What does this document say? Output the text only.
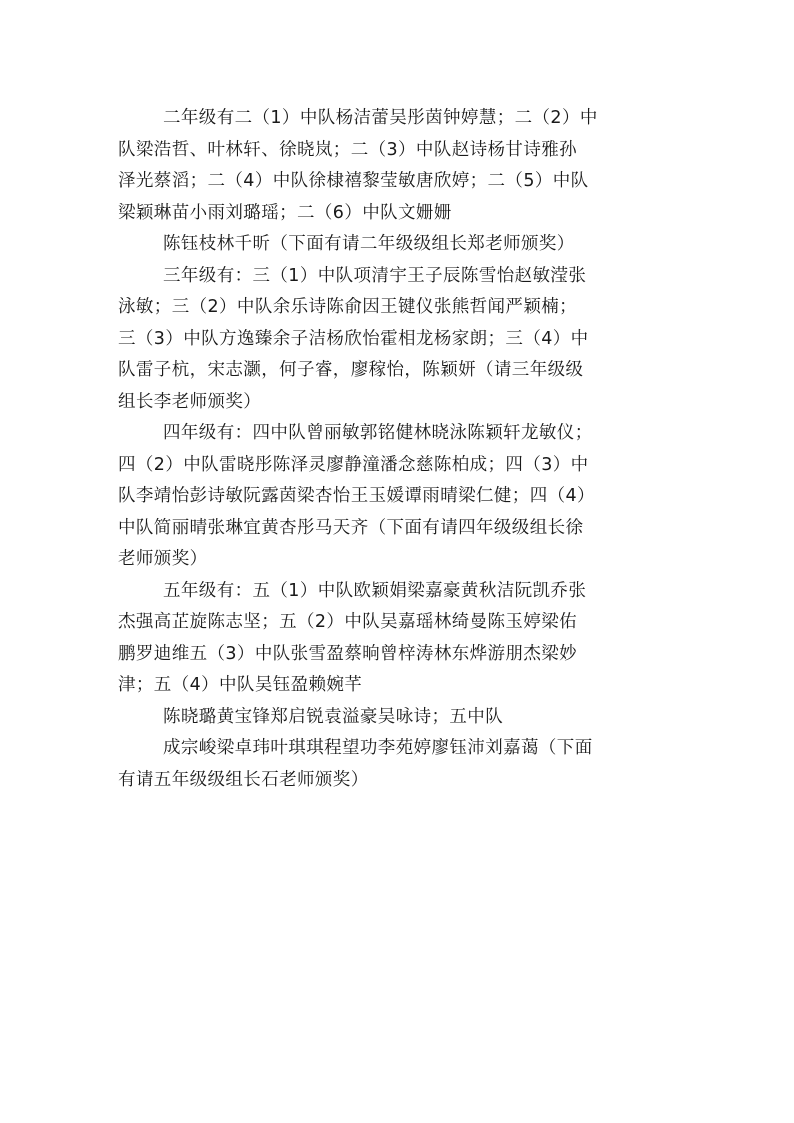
二年级有二（1）中队杨洁蕾吴彤茵钟婷慧；二（2）中
队梁浩哲、叶林轩、徐晓岚；二（3）中队赵诗杨甘诗雅孙
泽光蔡滔；二（4）中队徐棣禧黎莹敏唐欣婷；二（5）中队
梁颖琳苗小雨刘璐瑶；二（6）中队文姗姗
陈钰枝林千昕（下面有请二年级级组长郑老师颁奖）
三年级有：三（1）中队项清宇王子辰陈雪怡赵敏滢张
泳敏；三（2）中队余乐诗陈俞因王键仪张熊哲闻严颖楠；
三（3）中队方逸臻余子洁杨欣怡霍相龙杨家朗；三（4）中
队雷子杭，宋志灏，何子睿，廖稼怡，陈颖妍（请三年级级
组长李老师颁奖）
四年级有：四中队曾丽敏郭铭健林晓泳陈颖轩龙敏仪；
四（2）中队雷晓彤陈泽灵廖静潼潘念慈陈柏成；四（3）中
队李靖怡彭诗敏阮露茵梁杏怡王玉媛谭雨晴梁仁健；四（4）
中队简丽晴张琳宜黄杏彤马天齐（下面有请四年级级组长徐
老师颁奖）
五年级有：五（1）中队欧颖娟梁嘉豪黄秋洁阮凯乔张
杰强高芷旋陈志坚；五（2）中队吴嘉瑶林绮曼陈玉婷梁佑
鹏罗迪维五（3）中队张雪盈蔡晌曾梓涛林东烨游朋杰梁妙
津；五（4）中队吴钰盈赖婉芊
陈晓璐黄宝锋郑启锐袁溢豪吴咏诗；五中队
成宗峻梁卓玮叶琪琪程望功李苑婷廖钰沛刘嘉蔼（下面
有请五年级级组长石老师颁奖）
